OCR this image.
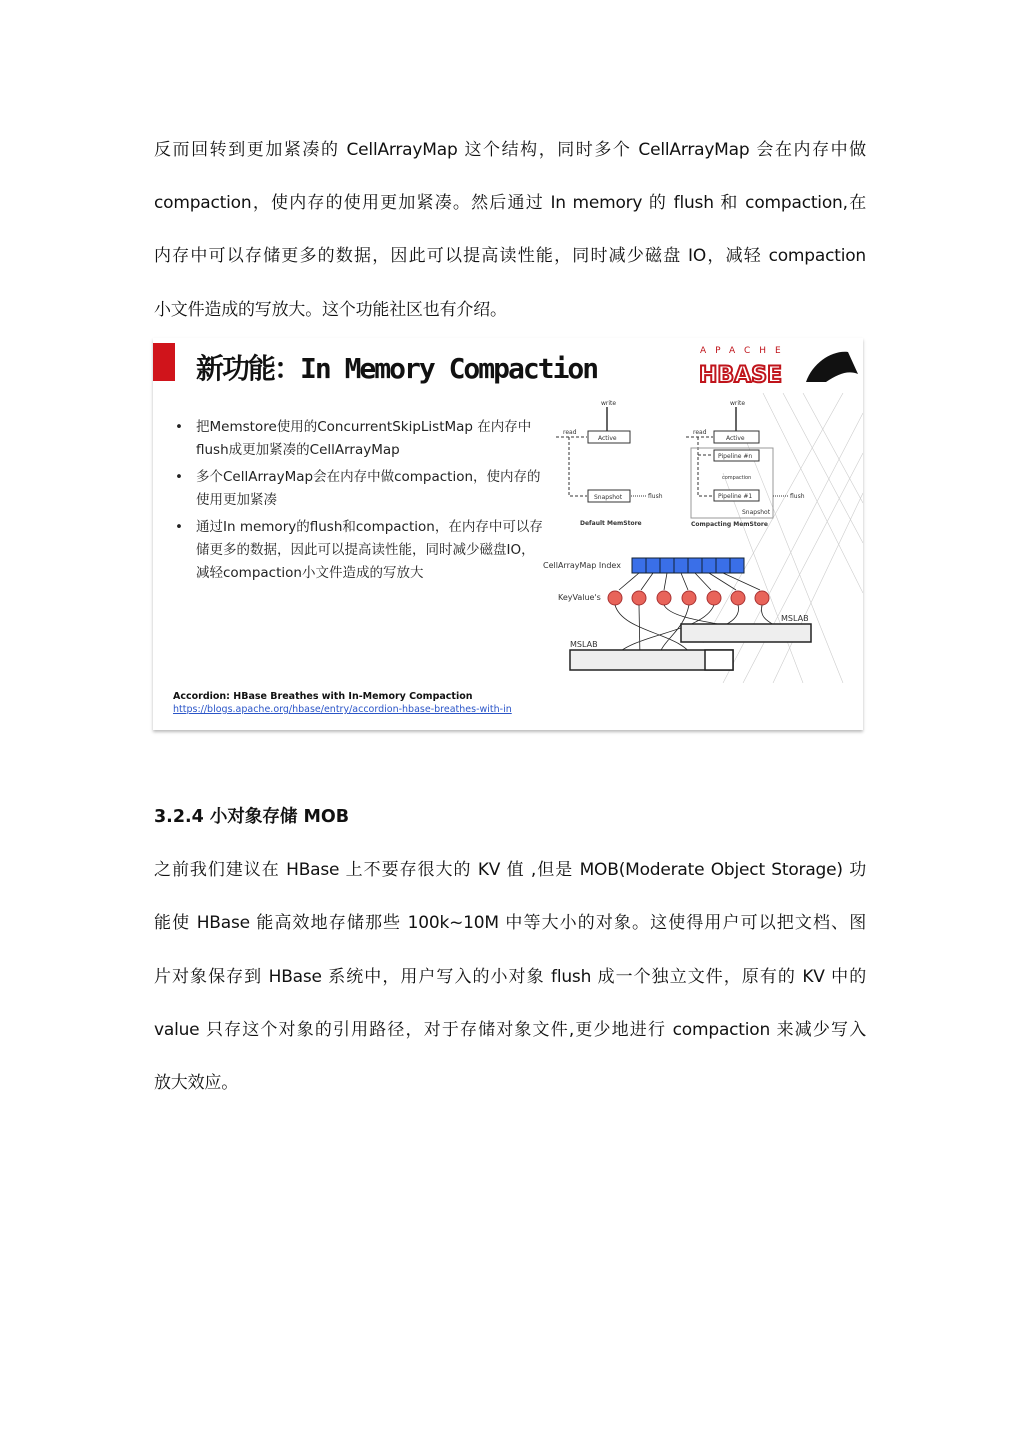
反而回转到更加紧凑的 CellArrayMap 这个结构，同时多个 CellArrayMap 会在内存中做
compaction，使内存的使用更加紧凑。然后通过 In memory 的 flush 和 compaction,在
内存中可以存储更多的数据，因此可以提高读性能，同时减少磁盘 IO，减轻 compaction
小文件造成的写放大。这个功能社区也有介绍。
新功能：In Memory Compaction
APACHE
HBASE
• 把Memstore使用的ConcurrentSkipListMap 在内存中flush成更加紧凑的CellArrayMap
• 多个CellArrayMap会在内存中做compaction，使内存的使用更加紧凑
• 通过In memory的flush和compaction，在内存中可以存储更多的数据，因此可以提高读性能，同时减少磁盘IO，减轻compaction小文件造成的写放大
write
read
Active
Snapshot	flush
Default MemStore
write
read
Active
Pipeline #n
compaction
Pipeline #1	flush
Snapshot
Compacting MemStore
CellArrayMap Index
KeyValue's
MSLAB
MSLAB
Accordion: HBase Breathes with In-Memory Compaction
https://blogs.apache.org/hbase/entry/accordion-hbase-breathes-with-in
3.2.4 小对象存储 MOB
之前我们建议在 HBase 上不要存很大的 KV 值 ,但是 MOB(Moderate Object Storage) 功
能使 HBase 能高效地存储那些 100k~10M 中等大小的对象。这使得用户可以把文档、图
片对象保存到 HBase 系统中，用户写入的小对象 flush 成一个独立文件，原有的 KV 中的
value 只存这个对象的引用路径，对于存储对象文件,更少地进行 compaction 来减少写入
放大效应。
